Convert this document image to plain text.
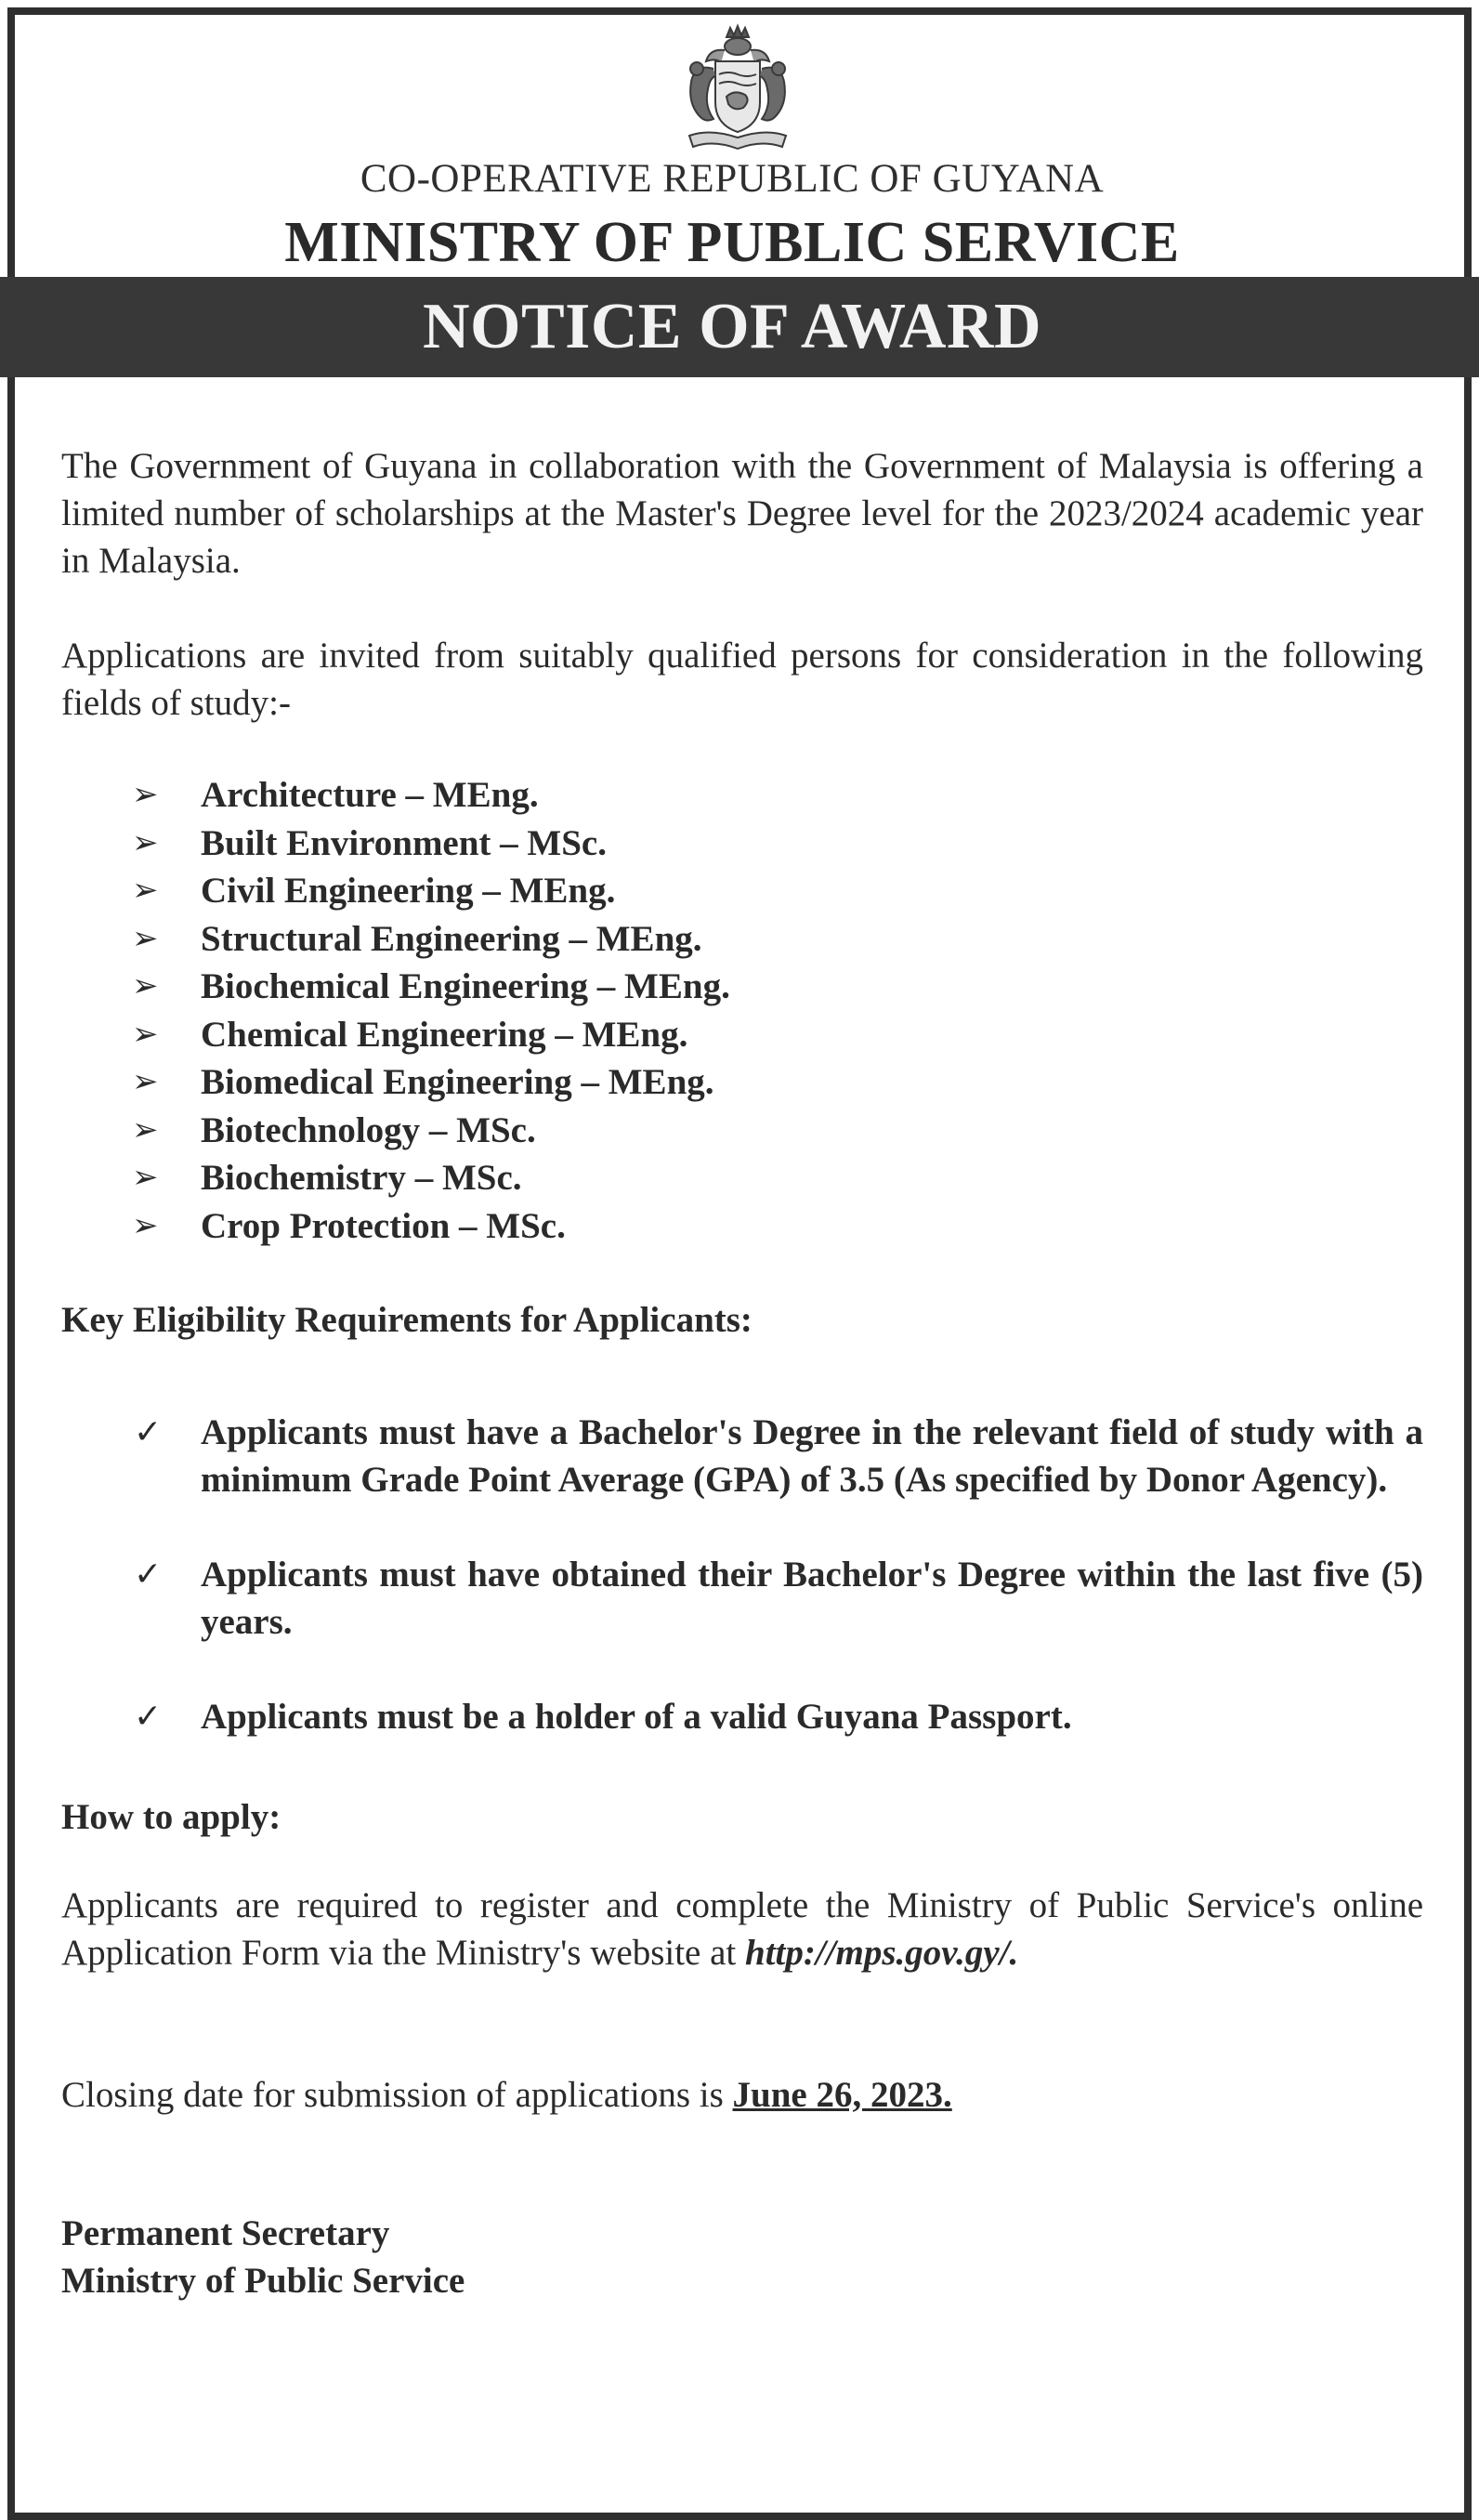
CO-OPERATIVE REPUBLIC OF GUYANA
MINISTRY OF PUBLIC SERVICE
NOTICE OF AWARD

The Government of Guyana in collaboration with the Government of Malaysia is offering a limited number of scholarships at the Master's Degree level for the 2023/2024 academic year in Malaysia.

Applications are invited from suitably qualified persons for consideration in the following fields of study:-

➢ Architecture – MEng.
➢ Built Environment – MSc.
➢ Civil Engineering – MEng.
➢ Structural Engineering – MEng.
➢ Biochemical Engineering – MEng.
➢ Chemical Engineering – MEng.
➢ Biomedical Engineering – MEng.
➢ Biotechnology – MSc.
➢ Biochemistry – MSc.
➢ Crop Protection – MSc.

Key Eligibility Requirements for Applicants:

✓ Applicants must have a Bachelor's Degree in the relevant field of study with a minimum Grade Point Average (GPA) of 3.5 (As specified by Donor Agency).
✓ Applicants must have obtained their Bachelor's Degree within the last five (5) years.
✓ Applicants must be a holder of a valid Guyana Passport.

How to apply:

Applicants are required to register and complete the Ministry of Public Service's online Application Form via the Ministry's website at http://mps.gov.gy/.

Closing date for submission of applications is June 26, 2023.

Permanent Secretary
Ministry of Public Service
